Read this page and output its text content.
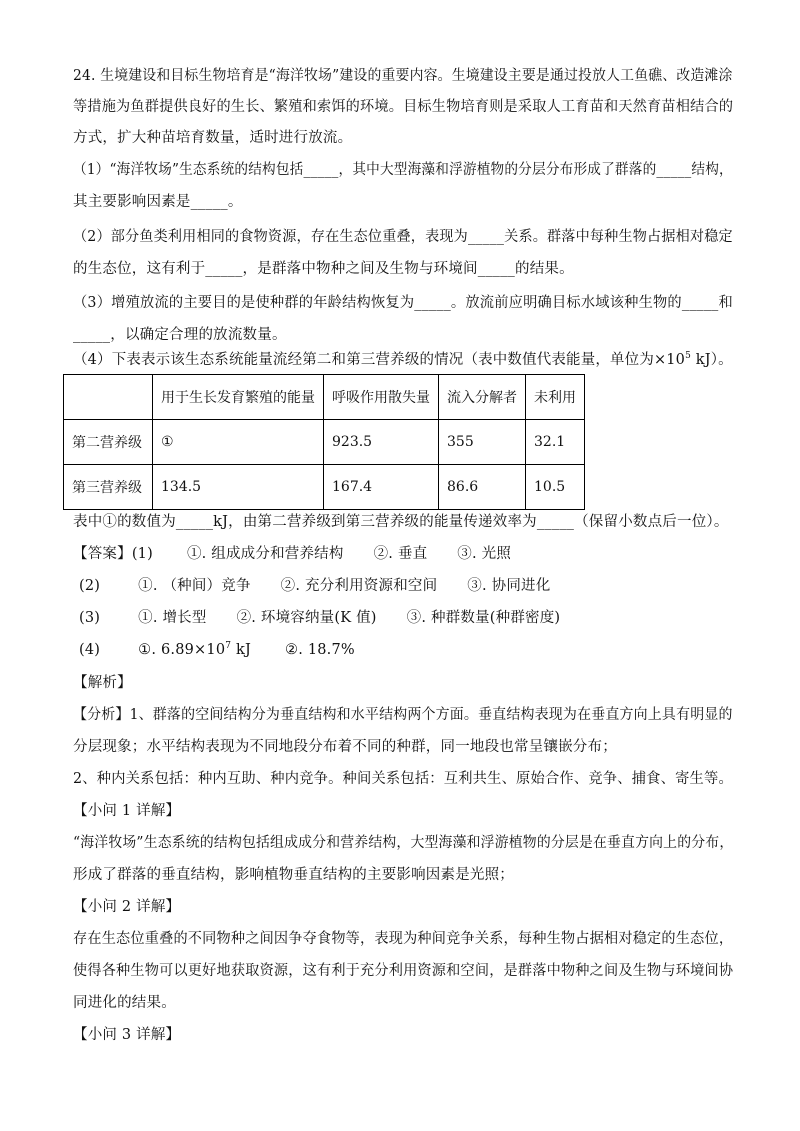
24. 生境建设和目标生物培育是“海洋牧场”建设的重要内容。生境建设主要是通过投放人工鱼礁、改造滩涂
等措施为鱼群提供良好的生长、繁殖和索饵的环境。目标生物培育则是采取人工育苗和天然育苗相结合的
方式，扩大种苗培育数量，适时进行放流。
（1）“海洋牧场”生态系统的结构包括_____，其中大型海藻和浮游植物的分层分布形成了群落的_____结构，
其主要影响因素是_____。
（2）部分鱼类利用相同的食物资源，存在生态位重叠，表现为_____关系。群落中每种生物占据相对稳定
的生态位，这有利于_____，是群落中物种之间及生物与环境间_____的结果。
（3）增殖放流的主要目的是使种群的年龄结构恢复为_____。放流前应明确目标水域该种生物的_____和
_____，以确定合理的放流数量。
（4）下表表示该生态系统能量流经第二和第三营养级的情况（表中数值代表能量，单位为$\times 10^5$ kJ）。
	用于生长发育繁殖的能量	呼吸作用散失量	流入分解者	未利用
第二营养级	①	923.5	355	32.1
第三营养级	134.5	167.4	86.6	10.5
表中①的数值为_____kJ，由第二营养级到第三营养级的能量传递效率为_____（保留小数点后一位）。
【答案】(1) ①. 组成成分和营养结构 ②. 垂直 ③. 光照
(2)	①. （种间）竞争 ②. 充分利用资源和空间 ③. 协同进化
(3)	①. 增长型 ②. 环境容纳量(K 值) ③. 种群数量(种群密度)
(4)	①. $6.89\times 10^7$ kJ ②. 18.7%
【解析】
【分析】1、群落的空间结构分为垂直结构和水平结构两个方面。垂直结构表现为在垂直方向上具有明显的
分层现象；水平结构表现为不同地段分布着不同的种群，同一地段也常呈镶嵌分布；
2、种内关系包括：种内互助、种内竞争。种间关系包括：互利共生、原始合作、竞争、捕食、寄生等。
【小问 1 详解】
“海洋牧场”生态系统的结构包括组成成分和营养结构，大型海藻和浮游植物的分层是在垂直方向上的分布，
形成了群落的垂直结构，影响植物垂直结构的主要影响因素是光照；
【小问 2 详解】
存在生态位重叠的不同物种之间因争夺食物等，表现为种间竞争关系，每种生物占据相对稳定的生态位，
使得各种生物可以更好地获取资源，这有利于充分利用资源和空间，是群落中物种之间及生物与环境间协
同进化的结果。
【小问 3 详解】
